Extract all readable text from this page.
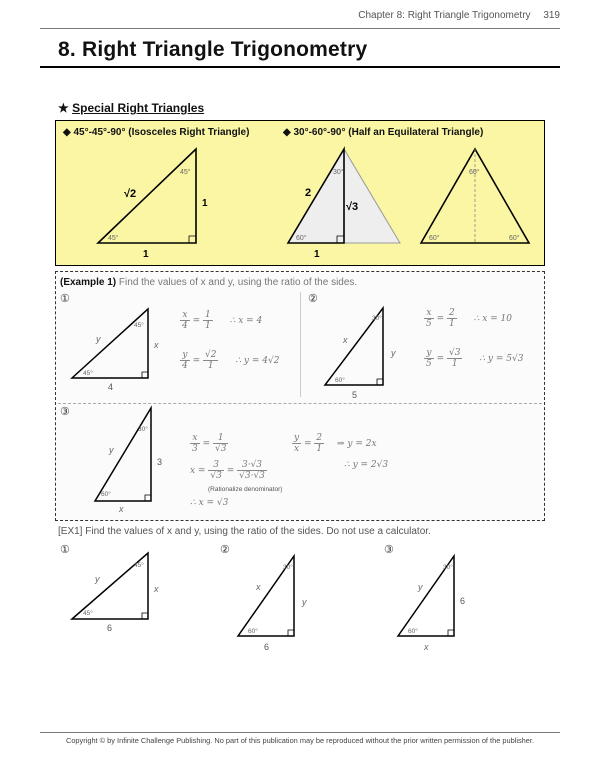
Chapter 8: Right Triangle Trigonometry 319
8. Right Triangle Trigonometry
★ Special Right Triangles
◆ 45°-45°-90° (Isosceles Right Triangle)	◆ 30°-60°-90° (Half an Equilateral Triangle)
√2
1
1
45°
45°
2
√3
1
30°
60°
60°
60°	60°
(Example 1) Find the values of x and y, using the ratio of the sides.
①	②
③
y
x
4
45°
45°
x
y
5
30°
60°
y
3
x
30°
60°
y
x
6
45°
45°
x
y
6
30°
60°
y
6
x
30°
60°
$\frac{x}{4} = \frac{1}{1}$ ∴ x = 4
$\frac{y}{4} = \frac{√2}{1}$ ∴ y = 4√2
$\frac{x}{5} = \frac{2}{1}$ ∴ x = 10
$\frac{y}{5} = \frac{√3}{1}$ ∴ y = 5√3
$\frac{x}{3} = \frac{1}{√3}$
$x = \frac{3}{√3} = \frac{3\cdot√3}{√3\cdot√3}$
(Rationalize denominator)
∴ x = √3
$\frac{y}{x} = \frac{2}{1}$ ⇒ y = 2x
∴ y = 2√3
[EX1] Find the values of x and y, using the ratio of the sides. Do not use a calculator.
①	②	③
Copyright © by Infinite Challenge Publishing. No part of this publication may be reproduced without the prior written permission of the publisher.
